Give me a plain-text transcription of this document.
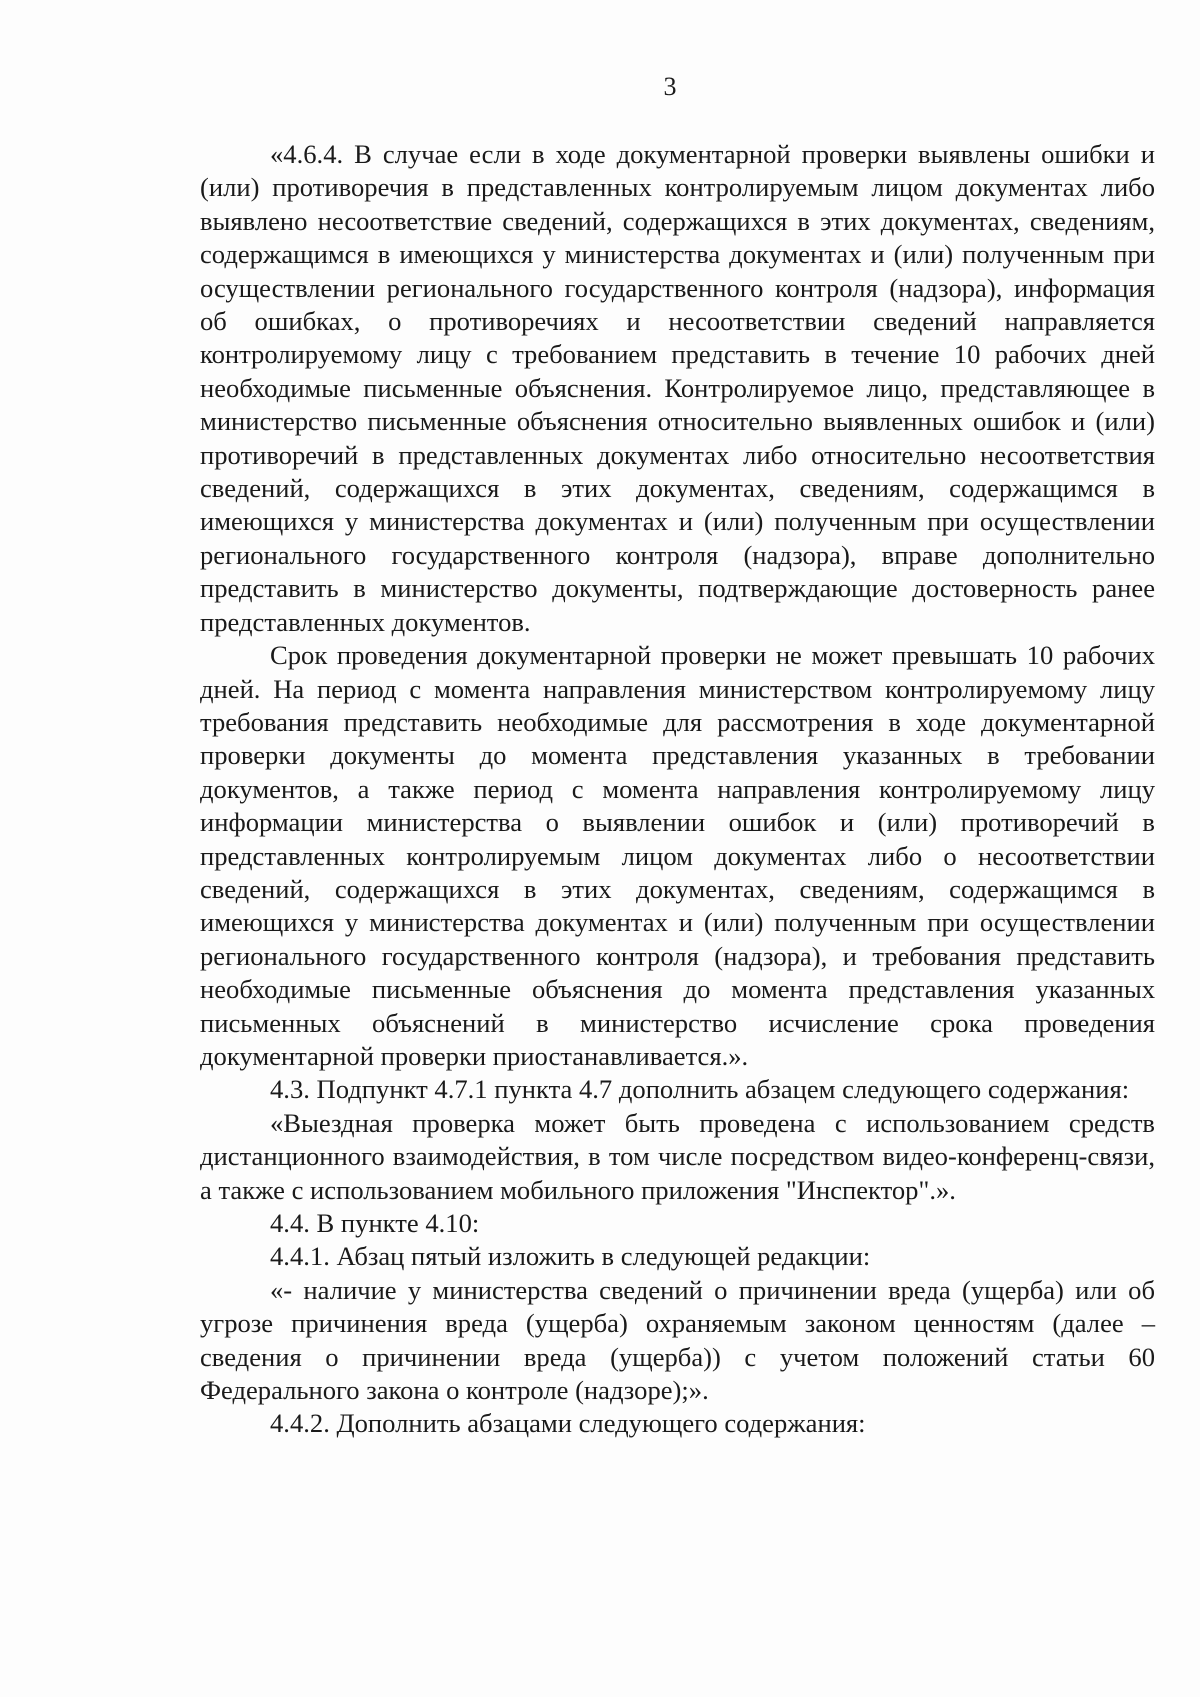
3

«4.6.4. В случае если в ходе документарной проверки выявлены ошибки и (или) противоречия в представленных контролируемым лицом документах либо выявлено несоответствие сведений, содержащихся в этих документах, сведениям, содержащимся в имеющихся у министерства документах и (или) полученным при осуществлении регионального государственного контроля (надзора), информация об ошибках, о противоречиях и несоответствии сведений направляется контролируемому лицу с требованием представить в течение 10 рабочих дней необходимые письменные объяснения. Контролируемое лицо, представляющее в министерство письменные объяснения относительно выявленных ошибок и (или) противоречий в представленных документах либо относительно несоответствия сведений, содержащихся в этих документах, сведениям, содержащимся в имеющихся у министерства документах и (или) полученным при осуществлении регионального государственного контроля (надзора), вправе дополнительно представить в министерство документы, подтверждающие достоверность ранее представленных документов.

Срок проведения документарной проверки не может превышать 10 рабочих дней. На период с момента направления министерством контролируемому лицу требования представить необходимые для рассмотрения в ходе документарной проверки документы до момента представления указанных в требовании документов, а также период с момента направления контролируемому лицу информации министерства о выявлении ошибок и (или) противоречий в представленных контролируемым лицом документах либо о несоответствии сведений, содержащихся в этих документах, сведениям, содержащимся в имеющихся у министерства документах и (или) полученным при осуществлении регионального государственного контроля (надзора), и требования представить необходимые письменные объяснения до момента представления указанных письменных объяснений в министерство исчисление срока проведения документарной проверки приостанавливается.».

4.3. Подпункт 4.7.1 пункта 4.7 дополнить абзацем следующего содержания:

«Выездная проверка может быть проведена с использованием средств дистанционного взаимодействия, в том числе посредством видео-конференц-связи, а также с использованием мобильного приложения "Инспектор".».

4.4. В пункте 4.10:

4.4.1. Абзац пятый изложить в следующей редакции:

«- наличие у министерства сведений о причинении вреда (ущерба) или об угрозе причинения вреда (ущерба) охраняемым законом ценностям (далее – сведения о причинении вреда (ущерба)) с учетом положений статьи 60 Федерального закона о контроле (надзоре);».

4.4.2. Дополнить абзацами следующего содержания:
